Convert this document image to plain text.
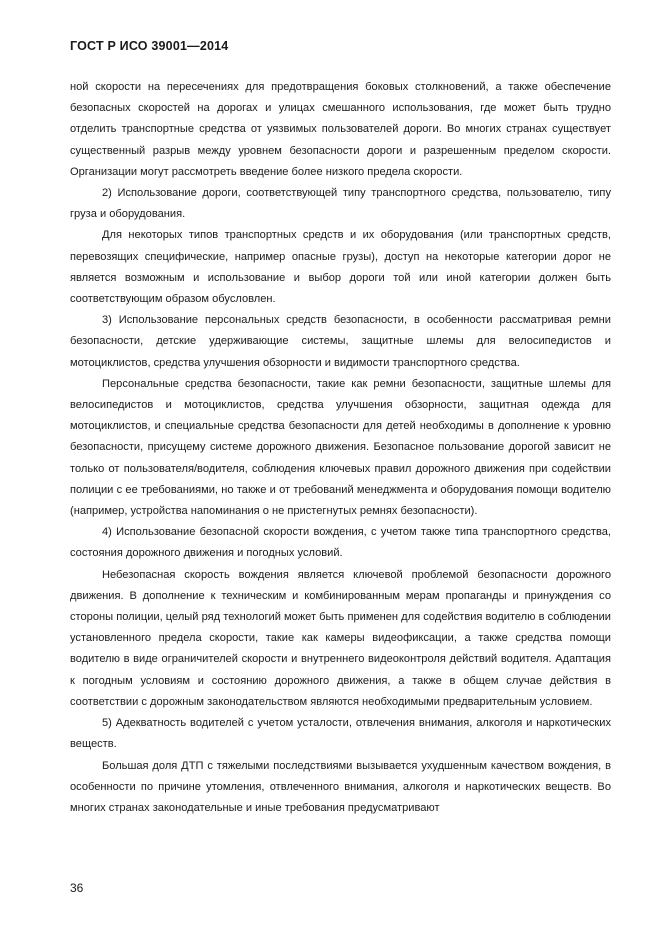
ГОСТ Р ИСО 39001—2014

ной скорости на пересечениях для предотвращения боковых столкновений, а также обеспечение безопасных скоростей на дорогах и улицах смешанного использования, где может быть трудно отделить транспортные средства от уязвимых пользователей дороги. Во многих странах существует существенный разрыв между уровнем безопасности дороги и разрешенным пределом скорости. Организации могут рассмотреть введение более низкого предела скорости.

2) Использование дороги, соответствующей типу транспортного средства, пользователю, типу груза и оборудования.

Для некоторых типов транспортных средств и их оборудования (или транспортных средств, перевозящих специфические, например опасные грузы), доступ на некоторые категории дорог не является возможным и использование и выбор дороги той или иной категории должен быть соответствующим образом обусловлен.

3) Использование персональных средств безопасности, в особенности рассматривая ремни безопасности, детские удерживающие системы, защитные шлемы для велосипедистов и мотоциклистов, средства улучшения обзорности и видимости транспортного средства.

Персональные средства безопасности, такие как ремни безопасности, защитные шлемы для велосипедистов и мотоциклистов, средства улучшения обзорности, защитная одежда для мотоциклистов, и специальные средства безопасности для детей необходимы в дополнение к уровню безопасности, присущему системе дорожного движения. Безопасное пользование дорогой зависит не только от пользователя/водителя, соблюдения ключевых правил дорожного движения при содействии полиции с ее требованиями, но также и от требований менеджмента и оборудования помощи водителю (например, устройства напоминания о не пристегнутых ремнях безопасности).

4) Использование безопасной скорости вождения, с учетом также типа транспортного средства, состояния дорожного движения и погодных условий.

Небезопасная скорость вождения является ключевой проблемой безопасности дорожного движения. В дополнение к техническим и комбинированным мерам пропаганды и принуждения со стороны полиции, целый ряд технологий может быть применен для содействия водителю в соблюдении установленного предела скорости, такие как камеры видеофиксации, а также средства помощи водителю в виде ограничителей скорости и внутреннего видеоконтроля действий водителя. Адаптация к погодным условиям и состоянию дорожного движения, а также в общем случае действия в соответствии с дорожным законодательством являются необходимыми предварительным условием.

5) Адекватность водителей с учетом усталости, отвлечения внимания, алкоголя и наркотических веществ.

Большая доля ДТП с тяжелыми последствиями вызывается ухудшенным качеством вождения, в особенности по причине утомления, отвлеченного внимания, алкоголя и наркотических веществ. Во многих странах законодательные и иные требования предусматривают

36
